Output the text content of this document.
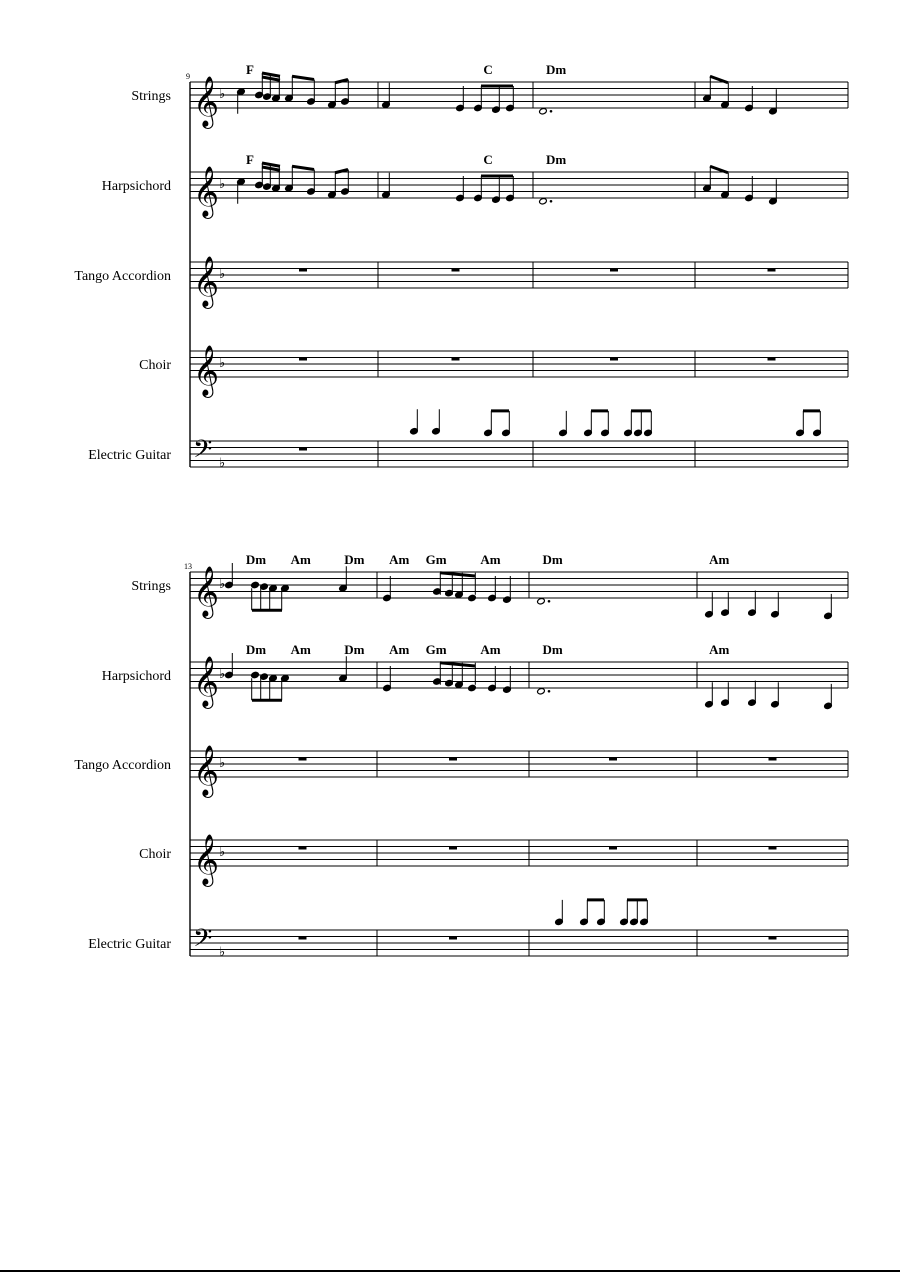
9
Strings 𝄞 ♭
F	C	Dm
Harpsichord 𝄞 ♭
F	C	Dm
Tango Accordion 𝄞 ♭
Choir 𝄞 ♭
Electric Guitar 𝄢 ♭
13
Strings 𝄞 ♭
Dm Am	Dm Am Gm	Am	Dm	Am
Harpsichord 𝄞 ♭
Dm Am	Dm Am Gm	Am	Dm	Am
Tango Accordion 𝄞 ♭
Choir 𝄞 ♭
Electric Guitar 𝄢 ♭
